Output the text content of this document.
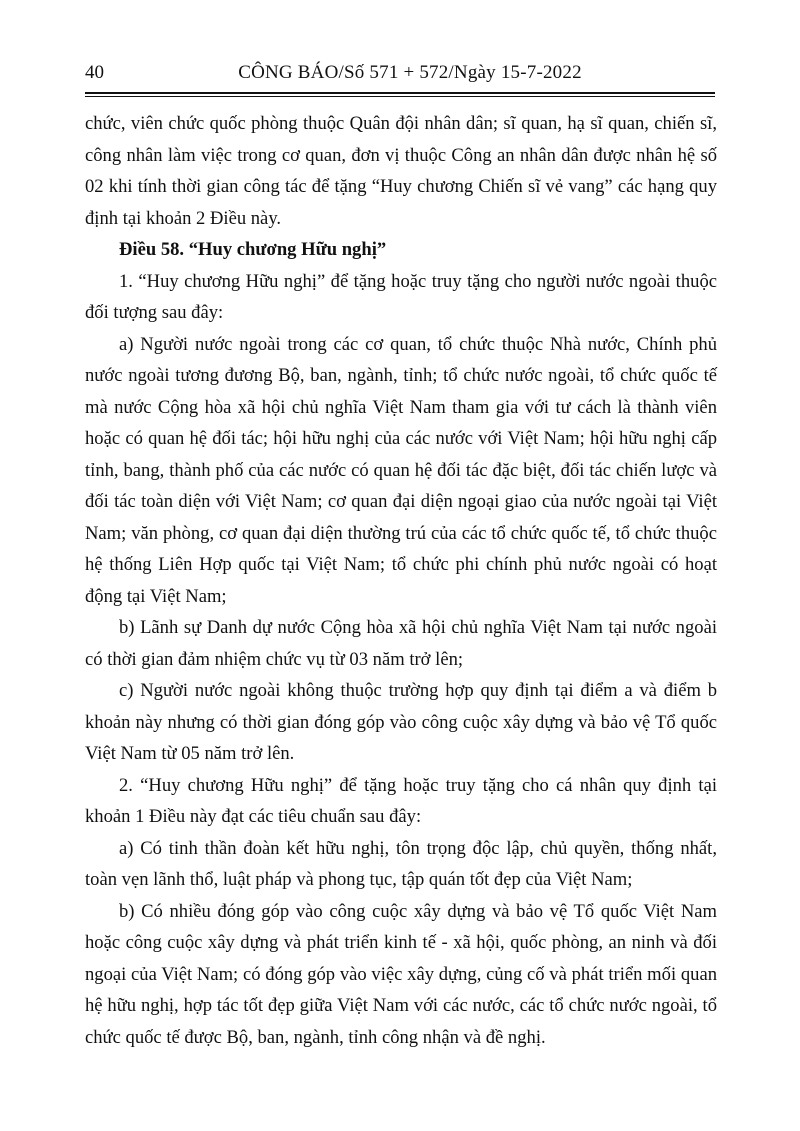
40	CÔNG BÁO/Số 571 + 572/Ngày 15-7-2022

chức, viên chức quốc phòng thuộc Quân đội nhân dân; sĩ quan, hạ sĩ quan, chiến sĩ, công nhân làm việc trong cơ quan, đơn vị thuộc Công an nhân dân được nhân hệ số 02 khi tính thời gian công tác để tặng “Huy chương Chiến sĩ vẻ vang” các hạng quy định tại khoản 2 Điều này.

Điều 58. “Huy chương Hữu nghị”

1. “Huy chương Hữu nghị” để tặng hoặc truy tặng cho người nước ngoài thuộc đối tượng sau đây:

a) Người nước ngoài trong các cơ quan, tổ chức thuộc Nhà nước, Chính phủ nước ngoài tương đương Bộ, ban, ngành, tỉnh; tổ chức nước ngoài, tổ chức quốc tế mà nước Cộng hòa xã hội chủ nghĩa Việt Nam tham gia với tư cách là thành viên hoặc có quan hệ đối tác; hội hữu nghị của các nước với Việt Nam; hội hữu nghị cấp tỉnh, bang, thành phố của các nước có quan hệ đối tác đặc biệt, đối tác chiến lược và đối tác toàn diện với Việt Nam; cơ quan đại diện ngoại giao của nước ngoài tại Việt Nam; văn phòng, cơ quan đại diện thường trú của các tổ chức quốc tế, tổ chức thuộc hệ thống Liên Hợp quốc tại Việt Nam; tổ chức phi chính phủ nước ngoài có hoạt động tại Việt Nam;

b) Lãnh sự Danh dự nước Cộng hòa xã hội chủ nghĩa Việt Nam tại nước ngoài có thời gian đảm nhiệm chức vụ từ 03 năm trở lên;

c) Người nước ngoài không thuộc trường hợp quy định tại điểm a và điểm b khoản này nhưng có thời gian đóng góp vào công cuộc xây dựng và bảo vệ Tổ quốc Việt Nam từ 05 năm trở lên.

2. “Huy chương Hữu nghị” để tặng hoặc truy tặng cho cá nhân quy định tại khoản 1 Điều này đạt các tiêu chuẩn sau đây:

a) Có tinh thần đoàn kết hữu nghị, tôn trọng độc lập, chủ quyền, thống nhất, toàn vẹn lãnh thổ, luật pháp và phong tục, tập quán tốt đẹp của Việt Nam;

b) Có nhiều đóng góp vào công cuộc xây dựng và bảo vệ Tổ quốc Việt Nam hoặc công cuộc xây dựng và phát triển kinh tế - xã hội, quốc phòng, an ninh và đối ngoại của Việt Nam; có đóng góp vào việc xây dựng, củng cố và phát triển mối quan hệ hữu nghị, hợp tác tốt đẹp giữa Việt Nam với các nước, các tổ chức nước ngoài, tổ chức quốc tế được Bộ, ban, ngành, tỉnh công nhận và đề nghị.
